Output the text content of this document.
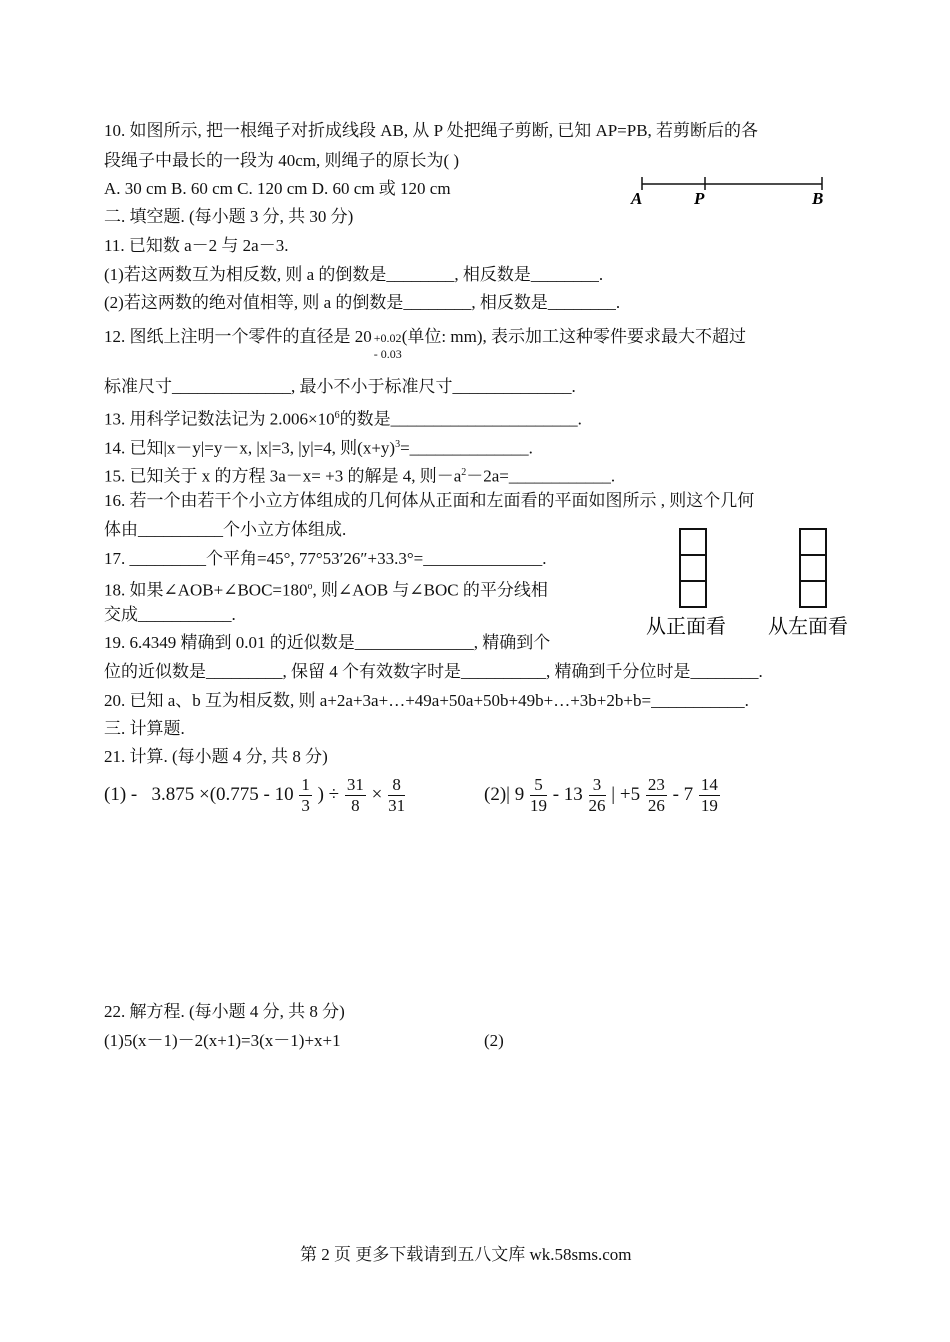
10. 如图所示, 把一根绳子对折成线段 AB, 从 P 处把绳子剪断, 已知 AP=PB, 若剪断后的各
段绳子中最长的一段为 40cm, 则绳子的原长为( )
A. 30 cm B. 60 cm C. 120 cm D. 60 cm 或 120 cm
A	P	B
二. 填空题. (每小题 3 分, 共 30 分)
11. 已知数 a－2 与 2a－3.
(1)若这两数互为相反数, 则 a 的倒数是________, 相反数是________.
(2)若这两数的绝对值相等, 则 a 的倒数是________, 相反数是________.
12. 图纸上注明一个零件的直径是 20 +0.02
- 0.03
(单位: mm), 表示加工这种零件要求最大不超过
标准尺寸______________, 最小不小于标准尺寸______________.
13. 用科学记数法记为 $2.006\times 10^6$的数是______________________.
14. 已知|x－y|=y－x, |x|=3, |y|=4, 则$(x+y)^3=\_\_\_\_\_\_\_\_\_\_\_\_\_\_$.
15. 已知关于 x 的方程 3a－x= +3 的解是 4, 则$-a^2-2a=\_\_\_\_\_\_\_\_\_\_\_\_$.
16. 若一个由若干个小立方体组成的几何体从正面和左面看的平面如图所示 , 则这个几何
体由__________个小立方体组成.
从正面看 从左面看
17. _________个平角=45°, 77°53′26″+33.3°=______________.
18. 如果$\angle AOB+\angle BOC=180^o$, 则∠AOB 与∠BOC 的平分线相
交成___________.
19. 6.4349 精确到 0.01 的近似数是______________, 精确到个
位的近似数是_________, 保留 4 个有效数字时是__________, 精确到千分位时是________.
20. 已知 a、b 互为相反数, 则 a+2a+3a+…+49a+50a+50b+49b+…+3b+2b+b=___________.
三. 计算题.
21. 计算. (每小题 4 分, 共 8 分)
$(1) - 3.875 \times(0.775 - 10 \frac{1}{3}$ ) ÷ $\frac{31}{8} \times \frac{8}{31}$	(2)| $9 \frac{5}{19} - 13 \frac{3}{26}$ | $+5 \frac{23}{26} - 7 \frac{14}{19}$
22. 解方程. (每小题 4 分, 共 8 分)
(1)5(x－1)－2(x+1)=3(x－1)+x+1	(2)
第 2 页 更多下载请到五八文库 wk.58sms.com
